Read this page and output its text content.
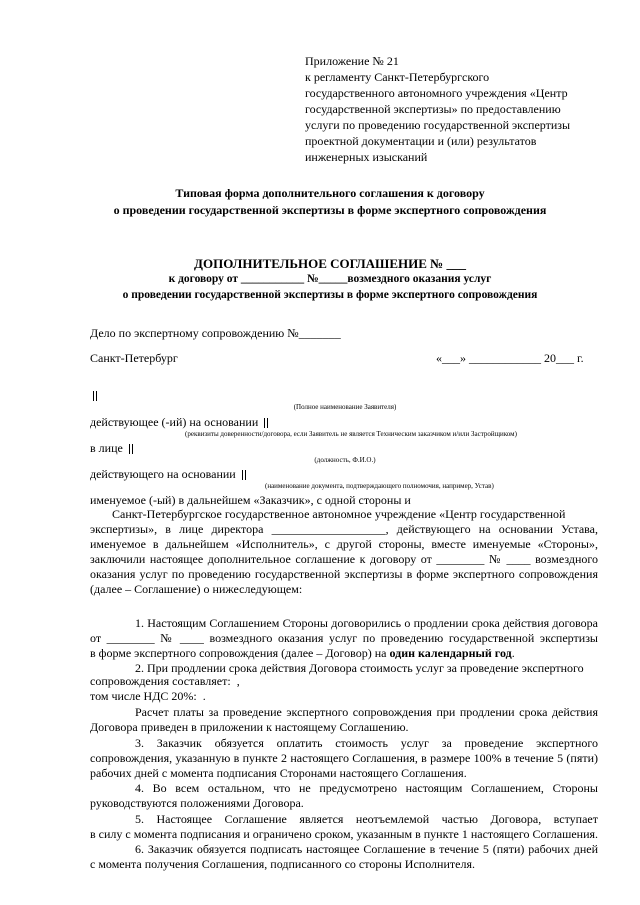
Приложение № 21
к регламенту Санкт-Петербургского
государственного автономного учреждения «Центр
государственной экспертизы» по предоставлению
услуги по проведению государственной экспертизы
проектной документации и (или) результатов
инженерных изысканий
Типовая форма дополнительного соглашения к договору
о проведении государственной экспертизы в форме экспертного сопровождения
ДОПОЛНИТЕЛЬНОЕ СОГЛАШЕНИЕ № ___
к договору от ___________ №_____возмездного оказания услуг
о проведении государственной экспертизы в форме экспертного сопровождения
Дело по экспертному сопровождению №_______
Санкт-Петербург	«___» ____________ 20___ г.
(Полное наименование Заявителя)
действующее (-ий) на основании
(реквизиты доверенности/договора, если Заявитель не является Техническим заказчиком и/или Застройщиком)
в лице
(должность, Ф.И.О.)
действующего на основании
(наименование документа, подтверждающего полномочия, например, Устав)
именуемое (-ый) в дальнейшем «Заказчик», с одной стороны и
Санкт-Петербургское государственное автономное учреждение «Центр государственной
экспертизы», в лице директора ___________________, действующего на основании Устава,
именуемое в дальнейшем «Исполнитель», с другой стороны, вместе именуемые «Стороны»,
заключили настоящее дополнительное соглашение к договору от ________ № ____ возмездного
оказания услуг по проведению государственной экспертизы в форме экспертного сопровождения
(далее – Соглашение) о нижеследующем:
1. Настоящим Соглашением Стороны договорились о продлении срока действия договора
от ________ № ____ возмездного оказания услуг по проведению государственной экспертизы
в форме экспертного сопровождения (далее – Договор) на один календарный год.
2. При продлении срока действия Договора стоимость услуг за проведение экспертного
сопровождения составляет: ,
том числе НДС 20%: .
Расчет платы за проведение экспертного сопровождения при продлении срока действия
Договора приведен в приложении к настоящему Соглашению.
3. Заказчик обязуется оплатить стоимость услуг за проведение экспертного
сопровождения, указанную в пункте 2 настоящего Соглашения, в размере 100% в течение 5 (пяти)
рабочих дней с момента подписания Сторонами настоящего Соглашения.
4. Во всем остальном, что не предусмотрено настоящим Соглашением, Стороны
руководствуются положениями Договора.
5. Настоящее Соглашение является неотъемлемой частью Договора, вступает
в силу с момента подписания и ограничено сроком, указанным в пункте 1 настоящего Соглашения.
6. Заказчик обязуется подписать настоящее Соглашение в течение 5 (пяти) рабочих дней
с момента получения Соглашения, подписанного со стороны Исполнителя.
